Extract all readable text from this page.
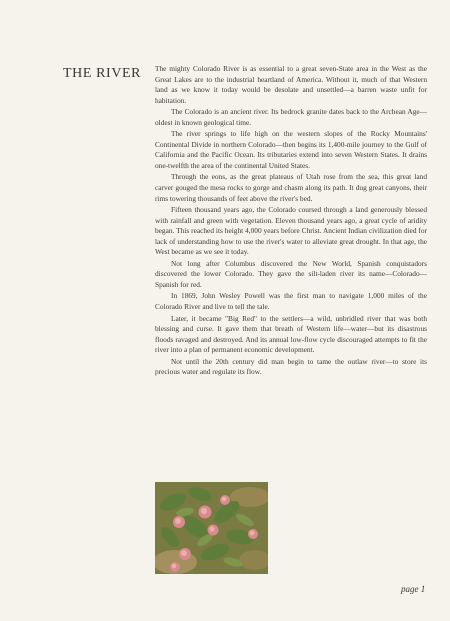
THE RIVER The mighty Colorado River is as essential to a great seven-State area in the West as the Great Lakes are to the industrial heartland of America. Without it, much of that Western land as we know it today would be desolate and unsettled—a barren waste unfit for habitation.

The Colorado is an ancient river. Its bedrock granite dates back to the Archean Age—oldest in known geological time.

The river springs to life high on the western slopes of the Rocky Mountains' Continental Divide in northern Colorado—then begins its 1,400-mile journey to the Gulf of California and the Pacific Ocean. Its tributaries extend into seven Western States. It drains one-twelfth the area of the continental United States.

Through the eons, as the great plateaus of Utah rose from the sea, this great land carver gouged the mesa rocks to gorge and chasm along its path. It dug great canyons, their rims towering thousands of feet above the river's bed.

Fifteen thousand years ago, the Colorado coursed through a land generously blessed with rainfall and green with vegetation. Eleven thousand years ago, a great cycle of aridity began. This reached its height 4,000 years before Christ. Ancient Indian civilization died for lack of understanding how to use the river's water to alleviate great drought. In that age, the West became as we see it today.

Not long after Columbus discovered the New World, Spanish conquistadors discovered the lower Colorado. They gave the silt-laden river its name—Colorado—Spanish for red.

In 1869, John Wesley Powell was the first man to navigate 1,000 miles of the Colorado River and live to tell the tale.

Later, it became "Big Red" to the settlers—a wild, unbridled river that was both blessing and curse. It gave them that breath of Western life—water—but its disastrous floods ravaged and destroyed. And its annual low-flow cycle discouraged attempts to fit the river into a plan of permanent economic development.

Not until the 20th century did man begin to tame the outlaw river—to store its precious water and regulate its flow.

page 1
